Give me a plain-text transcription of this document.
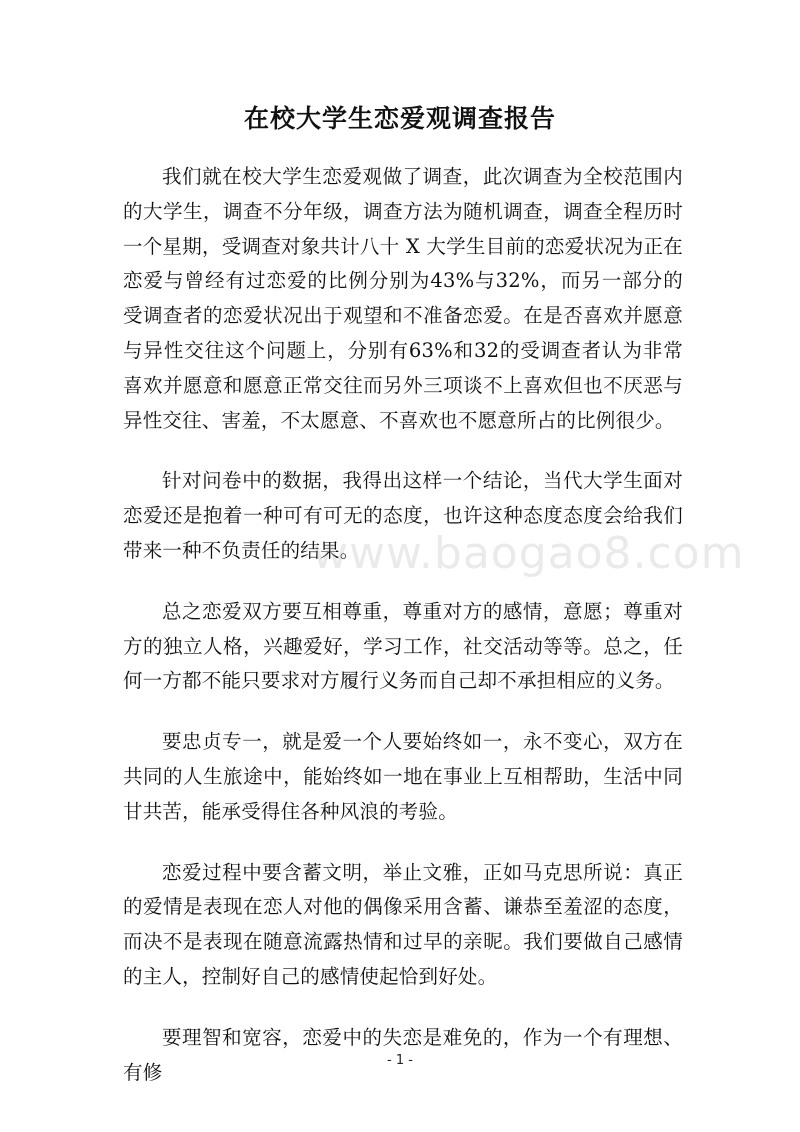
在校大学生恋爱观调查报告

我们就在校大学生恋爱观做了调查，此次调查为全校范围内的大学生，调查不分年级，调查方法为随机调查，调查全程历时一个星期，受调查对象共计八十 X 大学生目前的恋爱状况为正在恋爱与曾经有过恋爱的比例分别为43%与32%，而另一部分的受调查者的恋爱状况出于观望和不准备恋爱。在是否喜欢并愿意与异性交往这个问题上，分别有63%和32的受调查者认为非常喜欢并愿意和愿意正常交往而另外三项谈不上喜欢但也不厌恶与异性交往、害羞，不太愿意、不喜欢也不愿意所占的比例很少。

针对问卷中的数据，我得出这样一个结论，当代大学生面对恋爱还是抱着一种可有可无的态度，也许这种态度态度会给我们带来一种不负责任的结果。

总之恋爱双方要互相尊重，尊重对方的感情，意愿；尊重对方的独立人格，兴趣爱好，学习工作，社交活动等等。总之，任何一方都不能只要求对方履行义务而自己却不承担相应的义务。

要忠贞专一，就是爱一个人要始终如一，永不变心，双方在共同的人生旅途中，能始终如一地在事业上互相帮助，生活中同甘共苦，能承受得住各种风浪的考验。

恋爱过程中要含蓄文明，举止文雅，正如马克思所说：真正的爱情是表现在恋人对他的偶像采用含蓄、谦恭至羞涩的态度，而决不是表现在随意流露热情和过早的亲昵。我们要做自己感情的主人，控制好自己的感情使起恰到好处。

要理智和宽容，恋爱中的失恋是难免的，作为一个有理想、有修

www.baogao8.com
- 1 -
